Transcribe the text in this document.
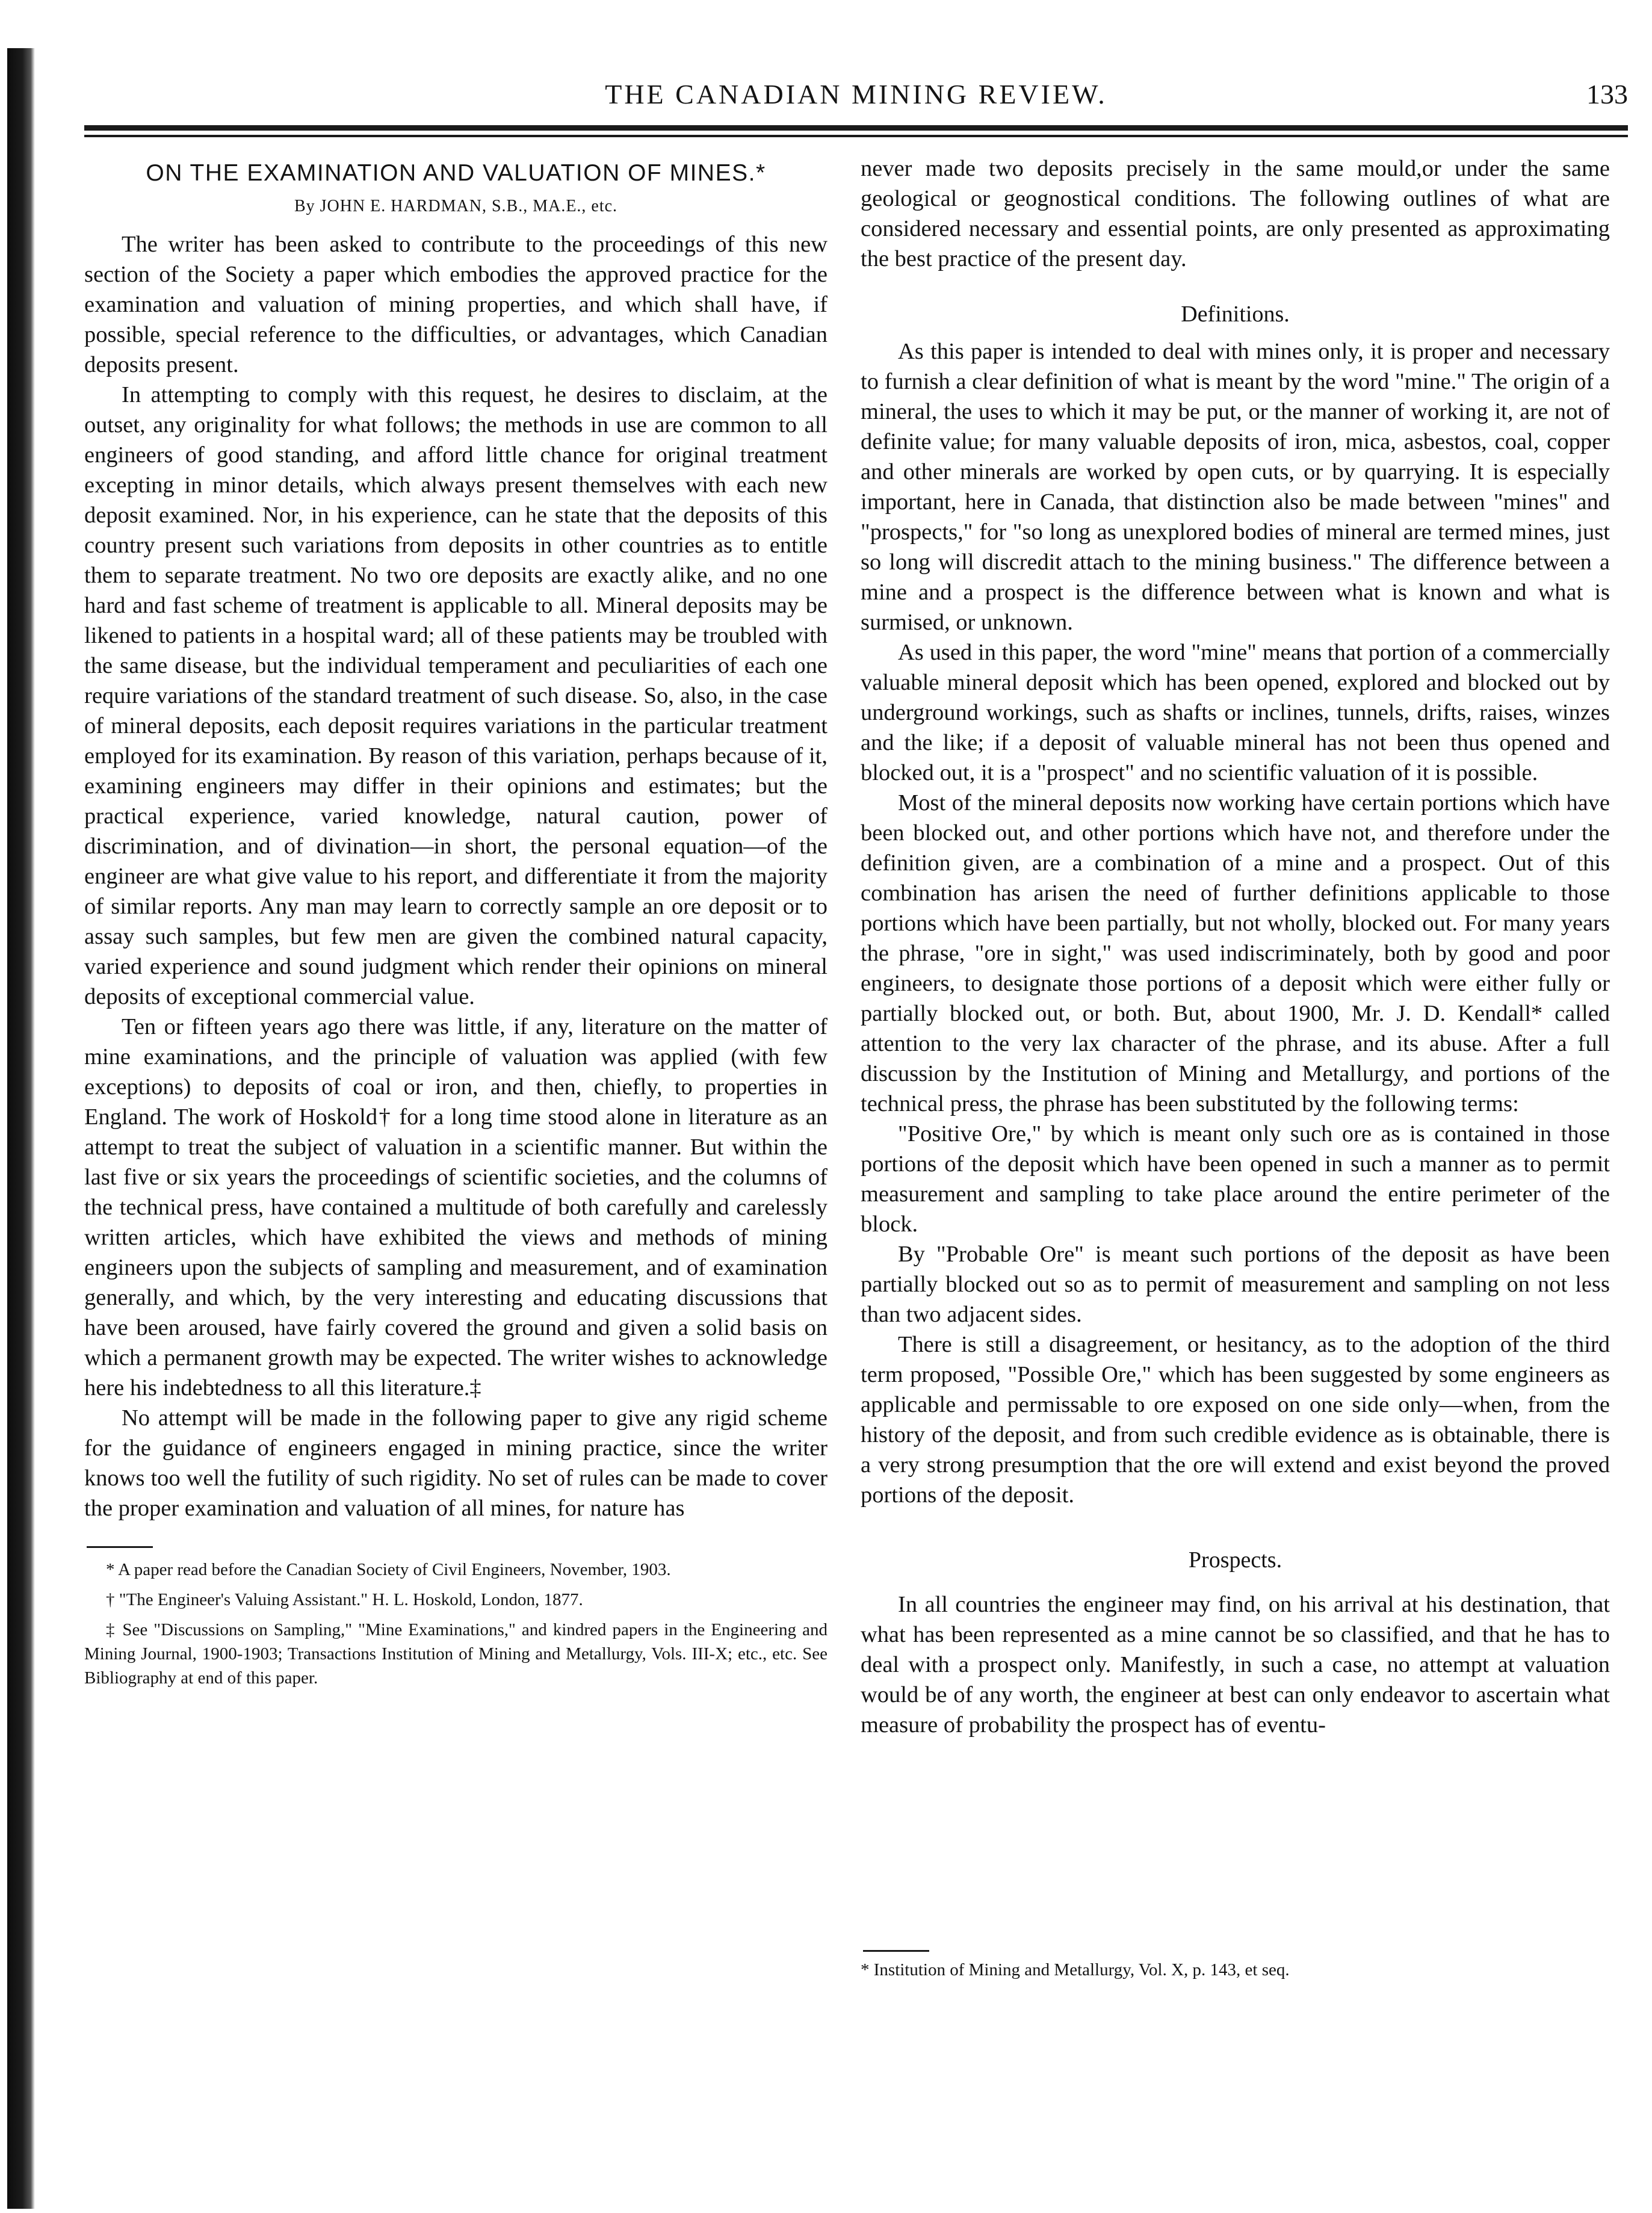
THE CANADIAN MINING REVIEW.	133
ON THE EXAMINATION AND VALUATION OF MINES.*
By JOHN E. HARDMAN, S.B., MA.E., etc.

The writer has been asked to contribute to the proceedings of this new section of the Society a paper which embodies the approved practice for the examination and valuation of mining properties, and which shall have, if possible, special reference to the difficulties, or advantages, which Canadian deposits present.

In attempting to comply with this request, he desires to disclaim, at the outset, any originality for what follows; the methods in use are common to all engineers of good standing, and afford little chance for original treatment excepting in minor details, which always present themselves with each new deposit examined. Nor, in his experience, can he state that the deposits of this country present such variations from deposits in other countries as to entitle them to separate treatment. No two ore deposits are exactly alike, and no one hard and fast scheme of treatment is applicable to all. Mineral deposits may be likened to patients in a hospital ward; all of these patients may be troubled with the same disease, but the individual temperament and peculiarities of each one require variations of the standard treatment of such disease. So, also, in the case of mineral deposits, each deposit requires variations in the particular treatment employed for its examination. By reason of this variation, perhaps because of it, examining engineers may differ in their opinions and estimates; but the practical experience, varied knowledge, natural caution, power of discrimination, and of divination—in short, the personal equation—of the engineer are what give value to his report, and differentiate it from the majority of similar reports. Any man may learn to correctly sample an ore deposit or to assay such samples, but few men are given the combined natural capacity, varied experience and sound judgment which render their opinions on mineral deposits of exceptional commercial value.

Ten or fifteen years ago there was little, if any, literature on the matter of mine examinations, and the principle of valuation was applied (with few exceptions) to deposits of coal or iron, and then, chiefly, to properties in England. The work of Hoskold† for a long time stood alone in literature as an attempt to treat the subject of valuation in a scientific manner. But within the last five or six years the proceedings of scientific societies, and the columns of the technical press, have contained a multitude of both carefully and carelessly written articles, which have exhibited the views and methods of mining engineers upon the subjects of sampling and measurement, and of examination generally, and which, by the very interesting and educating discussions that have been aroused, have fairly covered the ground and given a solid basis on which a permanent growth may be expected. The writer wishes to acknowledge here his indebtedness to all this literature.‡

No attempt will be made in the following paper to give any rigid scheme for the guidance of engineers engaged in mining practice, since the writer knows too well the futility of such rigidity. No set of rules can be made to cover the proper examination and valuation of all mines, for nature has

* A paper read before the Canadian Society of Civil Engineers, November, 1903.
† "The Engineer's Valuing Assistant." H. L. Hoskold, London, 1877.
‡ See "Discussions on Sampling," "Mine Examinations," and kindred papers in the Engineering and Mining Journal, 1900-1903; Transactions Institution of Mining and Metallurgy, Vols. III-X; etc., etc. See Bibliography at end of this paper.

never made two deposits precisely in the same mould,or under the same geological or geognostical conditions. The following outlines of what are considered necessary and essential points, are only presented as approximating the best practice of the present day.

Definitions.

As this paper is intended to deal with mines only, it is proper and necessary to furnish a clear definition of what is meant by the word "mine." The origin of a mineral, the uses to which it may be put, or the manner of working it, are not of definite value; for many valuable deposits of iron, mica, asbestos, coal, copper and other minerals are worked by open cuts, or by quarrying. It is especially important, here in Canada, that distinction also be made between "mines" and "prospects," for "so long as unexplored bodies of mineral are termed mines, just so long will discredit attach to the mining business." The difference between a mine and a prospect is the difference between what is known and what is surmised, or unknown.

As used in this paper, the word "mine" means that portion of a commercially valuable mineral deposit which has been opened, explored and blocked out by underground workings, such as shafts or inclines, tunnels, drifts, raises, winzes and the like; if a deposit of valuable mineral has not been thus opened and blocked out, it is a "prospect" and no scientific valuation of it is possible.

Most of the mineral deposits now working have certain portions which have been blocked out, and other portions which have not, and therefore under the definition given, are a combination of a mine and a prospect. Out of this combination has arisen the need of further definitions applicable to those portions which have been partially, but not wholly, blocked out. For many years the phrase, "ore in sight," was used indiscriminately, both by good and poor engineers, to designate those portions of a deposit which were either fully or partially blocked out, or both. But, about 1900, Mr. J. D. Kendall* called attention to the very lax character of the phrase, and its abuse. After a full discussion by the Institution of Mining and Metallurgy, and portions of the technical press, the phrase has been substituted by the following terms:

"Positive Ore," by which is meant only such ore as is contained in those portions of the deposit which have been opened in such a manner as to permit measurement and sampling to take place around the entire perimeter of the block.

By "Probable Ore" is meant such portions of the deposit as have been partially blocked out so as to permit of measurement and sampling on not less than two adjacent sides.

There is still a disagreement, or hesitancy, as to the adoption of the third term proposed, "Possible Ore," which has been suggested by some engineers as applicable and permissable to ore exposed on one side only—when, from the history of the deposit, and from such credible evidence as is obtainable, there is a very strong presumption that the ore will extend and exist beyond the proved portions of the deposit.

Prospects.

In all countries the engineer may find, on his arrival at his destination, that what has been represented as a mine cannot be so classified, and that he has to deal with a prospect only. Manifestly, in such a case, no attempt at valuation would be of any worth, the engineer at best can only endeavor to ascertain what measure of probability the prospect has of eventu-

* Institution of Mining and Metallurgy, Vol. X, p. 143, et seq.
